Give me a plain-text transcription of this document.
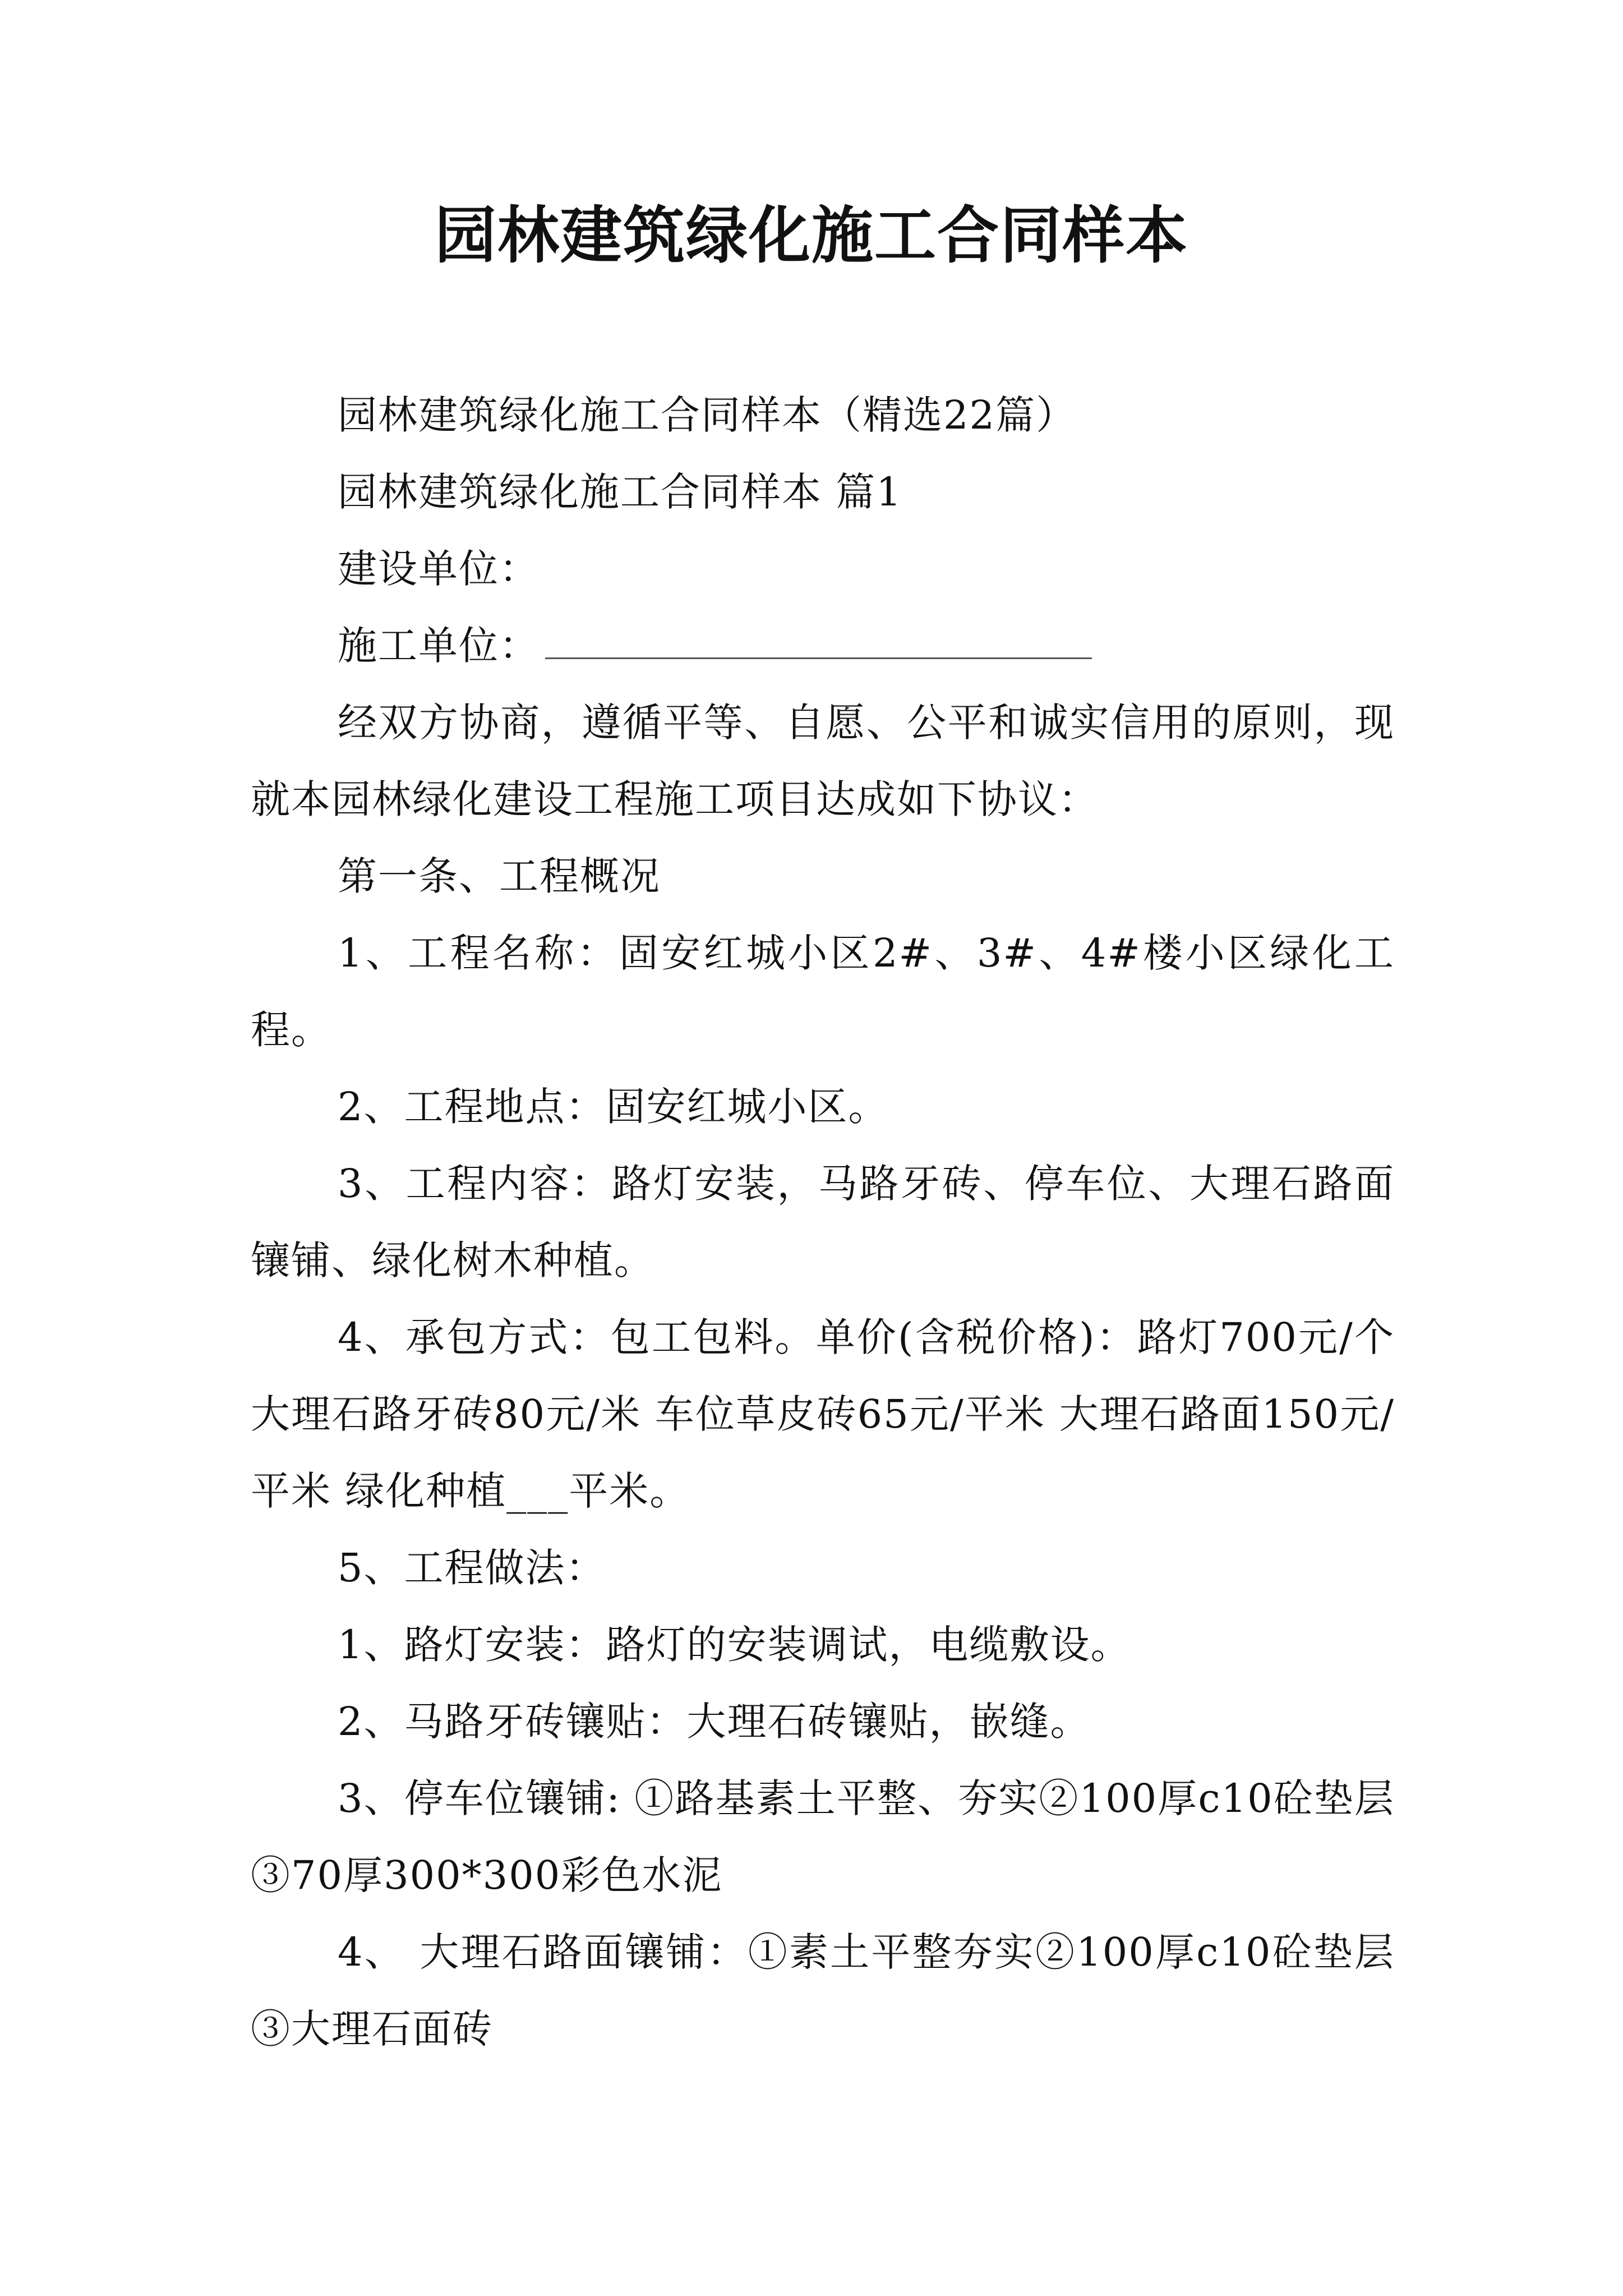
园林建筑绿化施工合同样本

园林建筑绿化施工合同样本（精选22篇）

园林建筑绿化施工合同样本 篇1

建设单位：

施工单位：

经双方协商，遵循平等、自愿、公平和诚实信用的原则，现就本园林绿化建设工程施工项目达成如下协议：

第一条、工程概况

1、工程名称：固安红城小区2#、3#、4#楼小区绿化工程。

2、工程地点：固安红城小区。

3、工程内容：路灯安装，马路牙砖、停车位、大理石路面镶铺、绿化树木种植。

4、承包方式：包工包料。单价(含税价格)：路灯700元/个 大理石路牙砖80元/米 车位草皮砖65元/平米 大理石路面150元/平米 绿化种植___平米。

5、工程做法：

1、路灯安装：路灯的安装调试，电缆敷设。

2、马路牙砖镶贴：大理石砖镶贴，嵌缝。

3、停车位镶铺: ①路基素土平整、夯实②100厚c10砼垫层③70厚300*300彩色水泥

4、 大理石路面镶铺：①素土平整夯实②100厚c10砼垫层③大理石面砖
